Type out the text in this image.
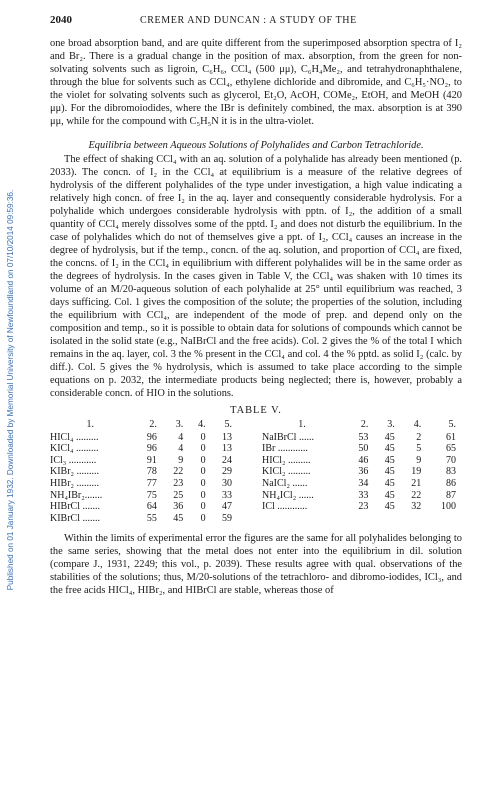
Published on 01 January 1932. Downloaded by Memorial University of Newfoundland on 07/10/2014 09:59:36.
2040	CREMER AND DUNCAN : A STUDY OF THE

one broad absorption band, and are quite different from the superimposed absorption spectra of I₂ and Br₂. There is a gradual change in the position of max. absorption, from the green for non-solvating solvents such as ligroin, C₆H₆, CCl₄ (500 μμ), C₆H₄Me₂, and tetrahydronaphthalene, through the blue for solvents such as CCl₄, ethylene dichloride and dibromide, and C₆H₅·NO₂, to the violet for solvating solvents such as glycerol, Et₂O, AcOH, COMe₂, EtOH, and MeOH (420 μμ). For the dibromoiodides, where the IBr is definitely combined, the max. absorption is at 390 μμ, while for the compound with C₅H₅N it is in the ultra-violet.

Equilibria between Aqueous Solutions of Polyhalides and Carbon Tetrachloride.

The effect of shaking CCl₄ with an aq. solution of a polyhalide has already been mentioned (p. 2033). The concn. of I₂ in the CCl₄ at equilibrium is a measure of the relative degrees of hydrolysis of the different polyhalides of the type under investigation, a high value indicating a relatively high concn. of free I₂ in the aq. layer and consequently considerable hydrolysis. For a polyhalide which undergoes considerable hydrolysis with pptn. of I₂, the addition of a small quantity of CCl₄ merely dissolves some of the pptd. I₂ and does not disturb the equilibrium. In the case of polyhalides which do not of themselves give a ppt. of I₂, CCl₄ causes an increase in the degree of hydrolysis, but if the temp., concn. of the aq. solution, and proportion of CCl₄ are fixed, the concns. of I₂ in the CCl₄ in equilibrium with different polyhalides will be in the same order as the degrees of hydrolysis. In the cases given in Table V, the CCl₄ was shaken with 10 times its volume of an M/20-aqueous solution of each polyhalide at 25° until equilibrium was reached, 3 days sufficing. Col. 1 gives the composition of the solute; the properties of the solution, including the equilibrium with CCl₄, are independent of the mode of prep. and depend only on the composition and temp., so it is possible to obtain data for solutions of compounds which cannot be isolated in the solid state (e.g., NaIBrCl and the free acids). Col. 2 gives the % of the total I which remains in the aq. layer, col. 3 the % present in the CCl₄ and col. 4 the % pptd. as solid I₂ (calc. by diff.). Col. 5 gives the % hydrolysis, which is assumed to take place according to the simple equations on p. 2032, the intermediate products being neglected; there is, however, probably a considerable concn. of HIO in the solutions.

TABLE V.
1.	2.	3.	4.	5.		1.	2.	3.	4.	5.
HICl₄ .........	96	4	0	13		NaIBrCl ......	53	45	2	61
KICl₄ .........	96	4	0	13		IBr ............	50	45	5	65
ICl₃ ...........	91	9	0	24		HICl₂ .........	46	45	9	70
KIBr₂ .........	78	22	0	29		KICl₂ .........	36	45	19	83
HIBr₂ .........	77	23	0	30		NaICl₂ ......	34	45	21	86
NH₄IBr₂.......	75	25	0	33		NH₄ICl₂ ......	33	45	22	87
HIBrCl .......	64	36	0	47		ICl ............	23	45	32	100
KIBrCl .......	55	45	0	59						

Within the limits of experimental error the figures are the same for all polyhalides belonging to the same series, showing that the metal does not enter into the equilibrium in dil. solution (compare J., 1931, 2249; this vol., p. 2039). These results agree with qual. observations of the stabilities of the solutions; thus, M/20-solutions of the tetrachloro- and dibromo-iodides, ICl₃, and the free acids HICl₄, HIBr₂, and HIBrCl are stable, whereas those of
